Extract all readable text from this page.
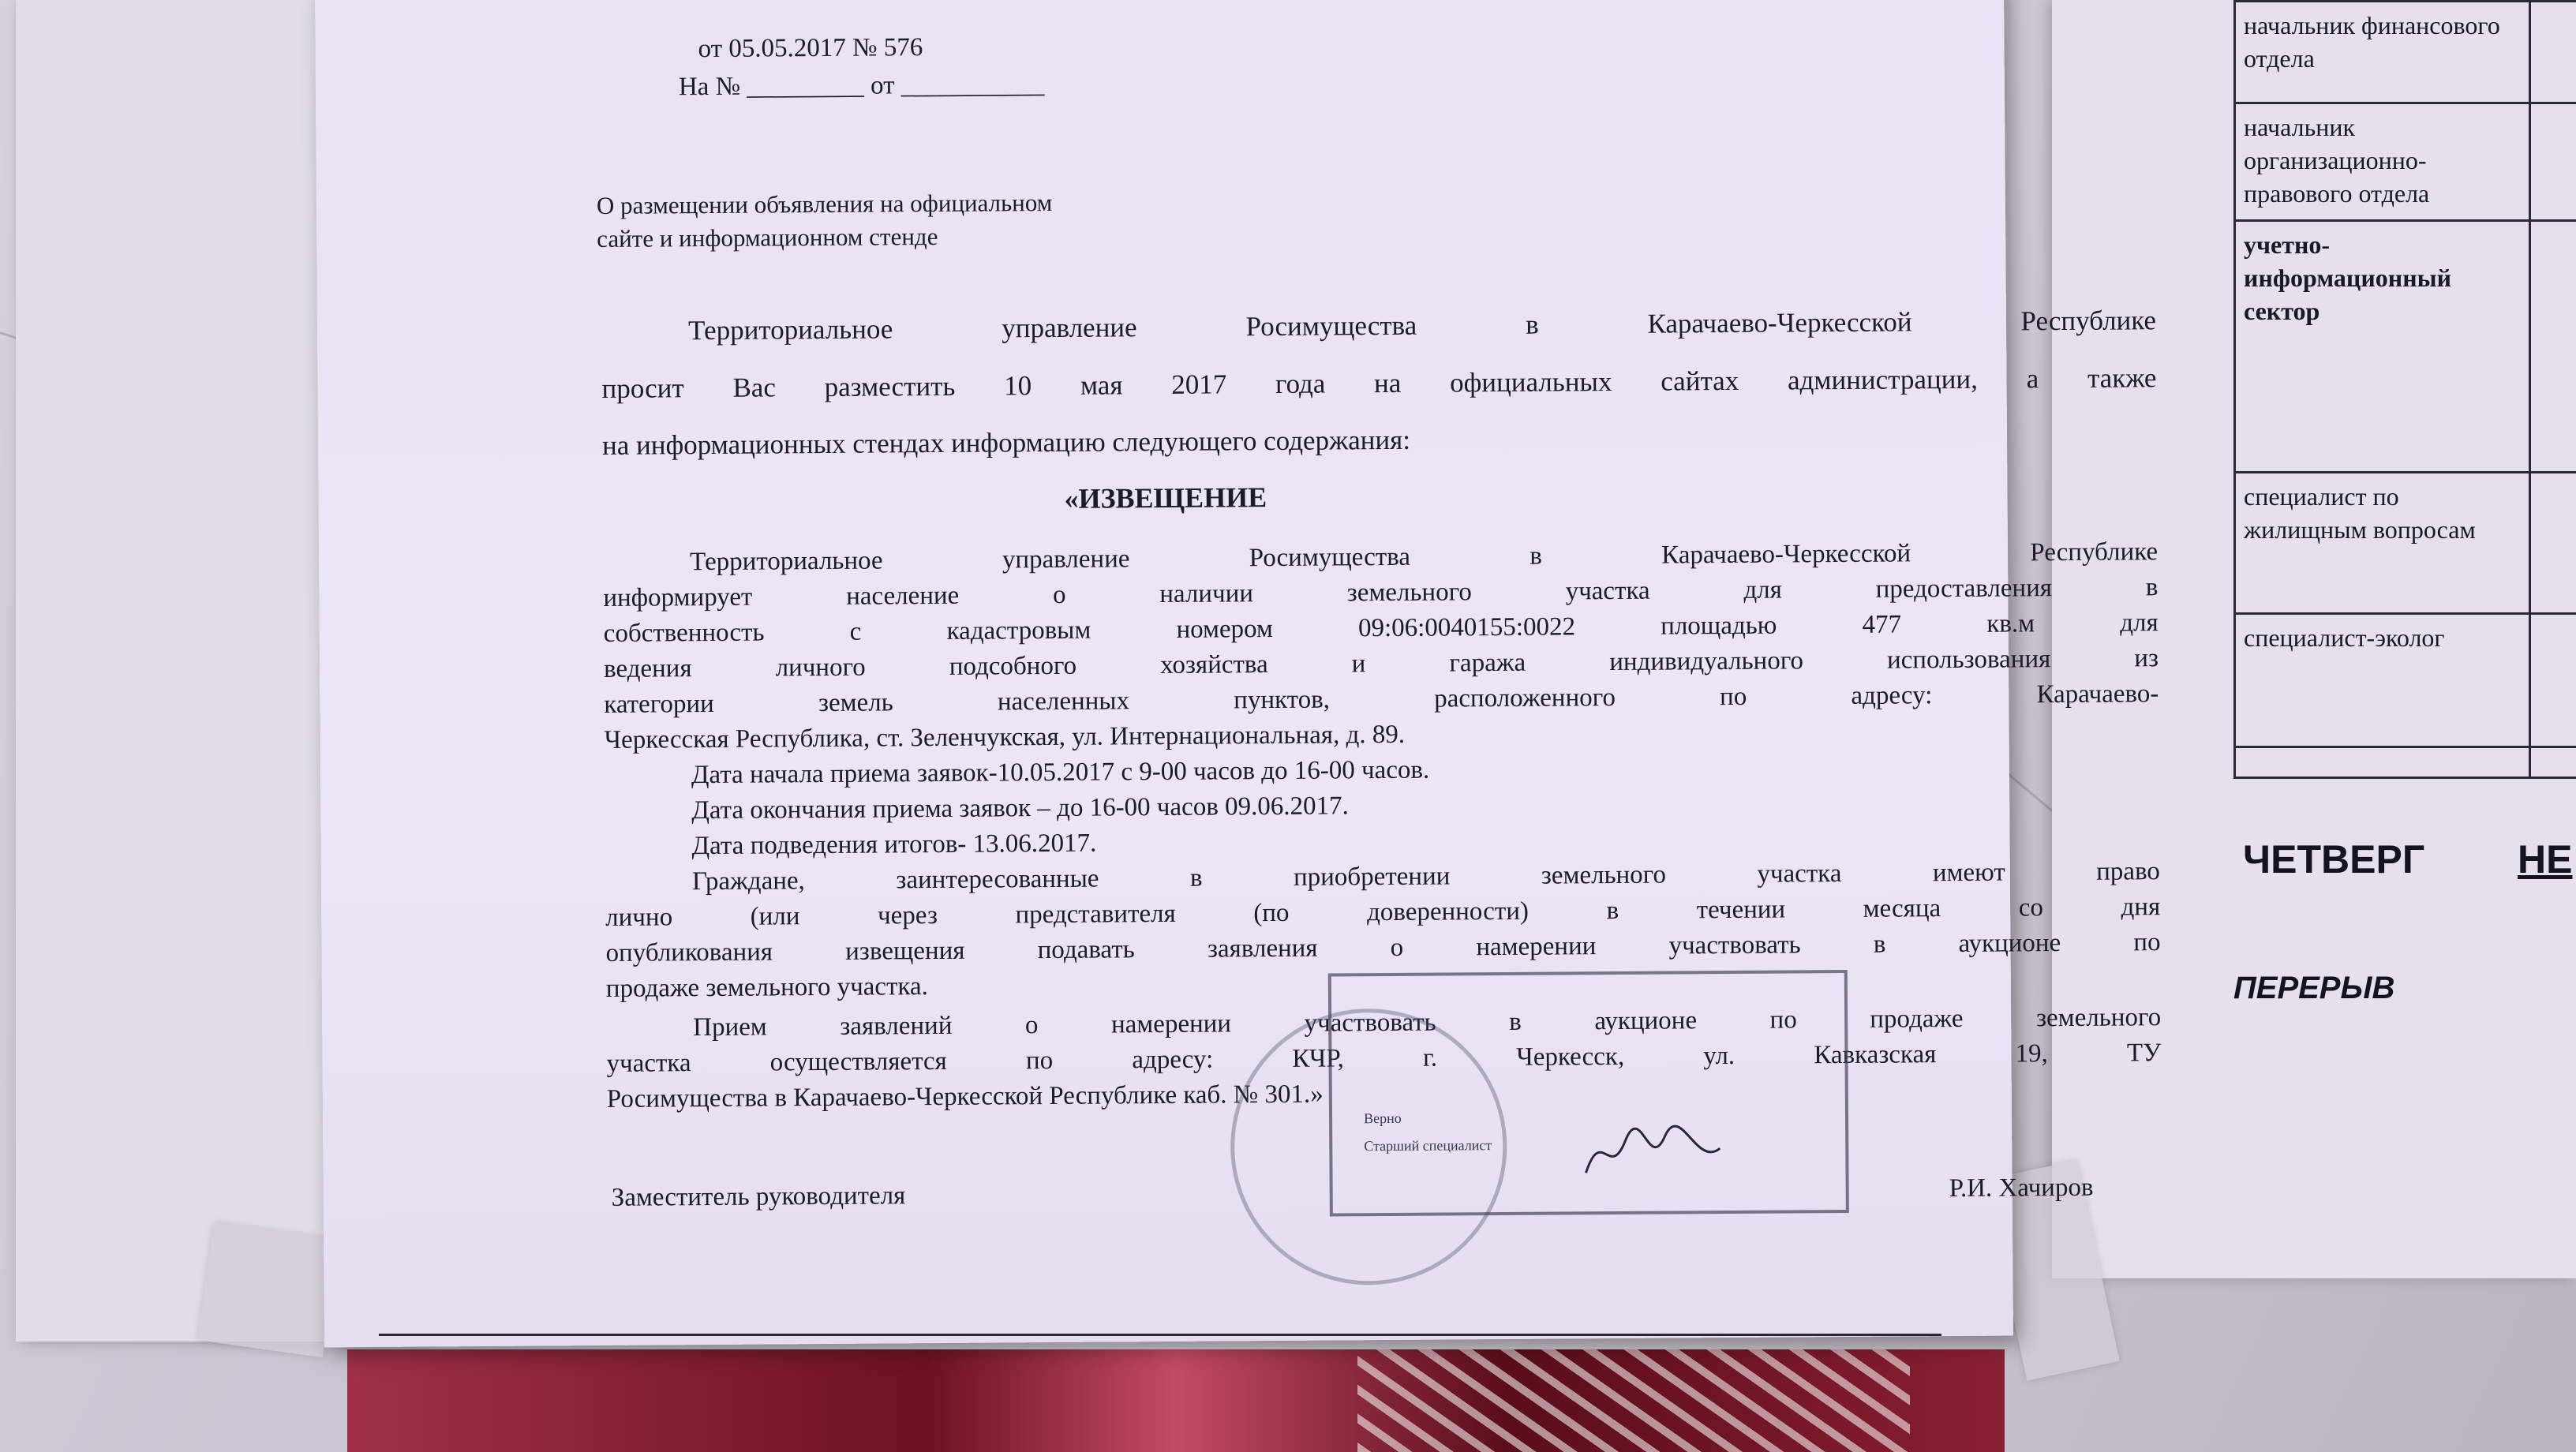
начальник финансового отдела	
начальник организационно-правового отдела	
учетно-информационный сектор	
специалист по жилищным вопросам	
специалист-эколог	

ЧЕТВЕРГ НЕ
ПЕРЕРЫВ
от 05.05.2017 № 576
На № _________ от ___________
О размещении объявления на официальном
сайте и информационном стенде
Территориальное управление Росимущества в Карачаево-Черкесской Республике
просит Вас разместить 10 мая 2017 года на официальных сайтах администрации, а также
на информационных стендах информацию следующего содержания:
«ИЗВЕЩЕНИЕ
Территориальное управление Росимущества в Карачаево-Черкесской Республике
информирует население о наличии земельного участка для предоставления в
собственность с кадастровым номером 09:06:0040155:0022 площадью 477 кв.м для
ведения личного подсобного хозяйства и гаража индивидуального использования из
категории земель населенных пунктов, расположенного по адресу: Карачаево-
Черкесская Республика, ст. Зеленчукская, ул. Интернациональная, д. 89.
Дата начала приема заявок-10.05.2017 с 9-00 часов до 16-00 часов.
Дата окончания приема заявок – до 16-00 часов 09.06.2017.
Дата подведения итогов- 13.06.2017.
Граждане, заинтересованные в приобретении земельного участка имеют право
лично (или через представителя (по доверенности) в течении месяца со дня
опубликования извещения подавать заявления о намерении участвовать в аукционе по
продаже земельного участка.
Прием заявлений о намерении участвовать в аукционе по продаже земельного
участка осуществляется по адресу: КЧР, г. Черкесск, ул. Кавказская 19, ТУ
Росимущества в Карачаево-Черкесской Республике каб. № 301.»
Верно
Старший специалист
Заместитель руководителя	Р.И. Хачиров
